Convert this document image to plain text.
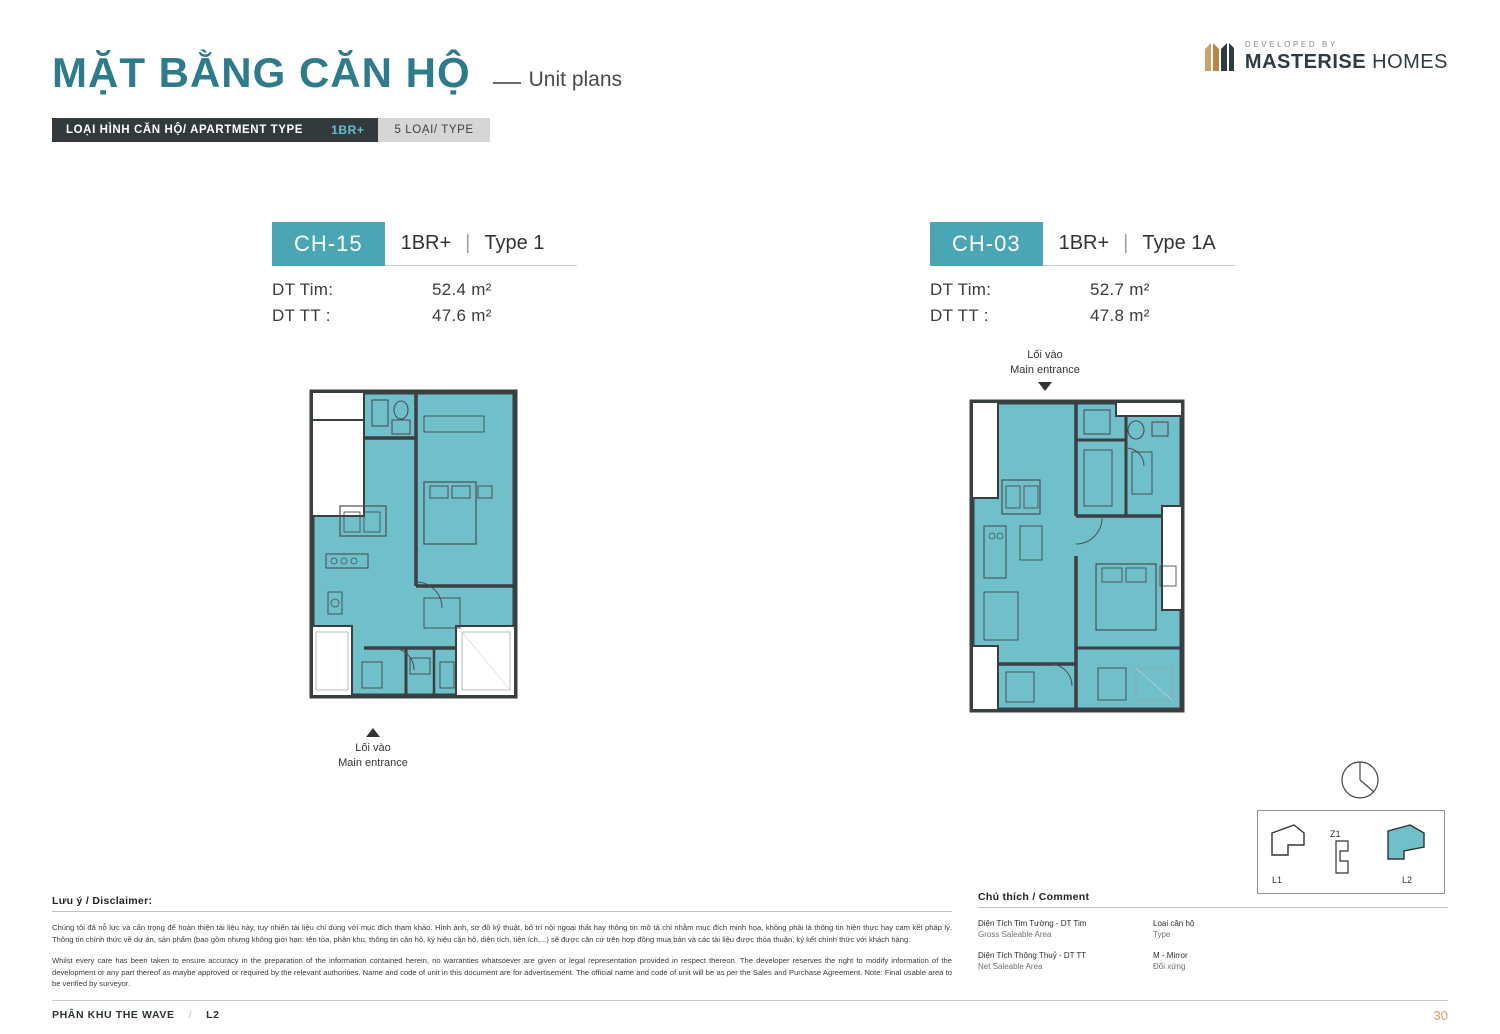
MẶT BẰNG CĂN HỘ	Unit plans
LOẠI HÌNH CĂN HỘ/ APARTMENT TYPE 1BR+	5 LOẠI/ TYPE
DEVELOPED BY
MASTERISE HOMES
CH-15	1BR+ | Type 1
DT Tim:	52.4 m²
DT TT :	47.6 m²
Lối vào
Main entrance
CH-03	1BR+ | Type 1A
DT Tim:	52.7 m²
DT TT :	47.8 m²
Lối vào
Main entrance
L1	L2
Z1
Lưu ý / Disclaimer:
Chúng tôi đã nỗ lực và cẩn trọng để hoàn thiện tài liệu này, tuy nhiên tài liệu chỉ dùng với mục đích tham khảo. Hình ảnh, sơ đồ kỹ thuật, bố trí nội ngoại thất hay thông tin mô tả chỉ nhằm mục đích minh họa, không phải là thông tin hiện thực hay cam kết pháp lý. Thông tin chính thức về dự án, sản phẩm (bao gồm nhưng không giới hạn: tên tòa, phân khu, thông tin căn hộ, ký hiệu căn hộ, diện tích, tiện ích,...) sẽ được căn cứ trên hợp đồng mua bán và các tài liệu được thỏa thuận, ký kết chính thức với khách hàng.
Whilst every care has been taken to ensure accuracy in the preparation of the information contained herein, no warranties whatsoever are given or legal representation provided in respect thereon. The developer reserves the right to modify information of the development or any part thereof as maybe approved or required by the relevant authorities. Name and code of unit in this document are for advertisement. The official name and code of unit will be as per the Sales and Purchase Agreement. Note: Final usable area to be verified by surveyor.
Chú thích / Comment
Diện Tích Tim Tường - DT Tim
Gross Saleable Area
Diện Tích Thông Thuỷ - DT TT
Net Saleable Area
Loại căn hộ
Type
M - Mirror
Đối xứng
PHÂN KHU THE WAVE / L2	30
